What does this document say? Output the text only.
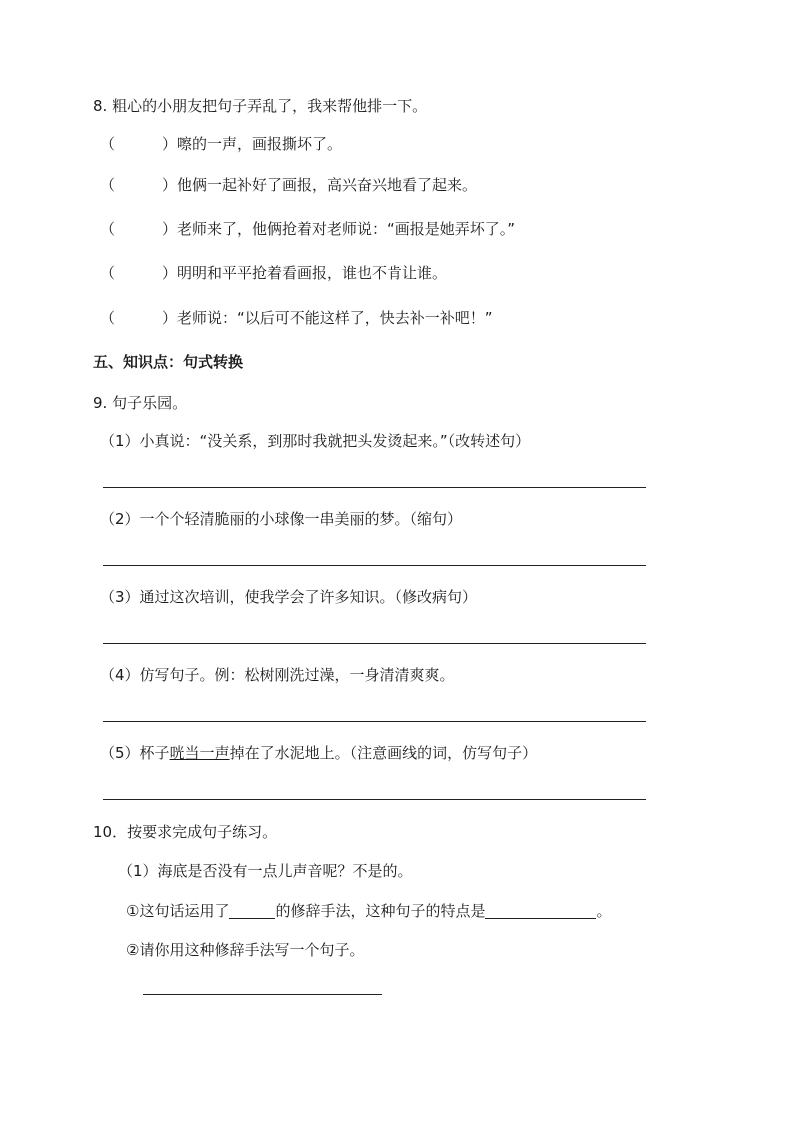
8. 粗心的小朋友把句子弄乱了，我来帮他排一下。
（	）嚓的一声，画报撕坏了。
（	）他俩一起补好了画报，高兴奋兴地看了起来。
（	）老师来了，他俩抢着对老师说：“画报是她弄坏了。”
（	）明明和平平抢着看画报，谁也不肯让谁。
（	）老师说：“以后可不能这样了，快去补一补吧！”
五、知识点：句式转换
9. 句子乐园。
（1）小真说：“没关系，到那时我就把头发烫起来。”（改转述句）
（2）一个个轻清脆丽的小球像一串美丽的梦。（缩句）
（3）通过这次培训，使我学会了许多知识。（修改病句）
（4）仿写句子。例：松树刚洗过澡，一身清清爽爽。
（5）杯子咣当一声掉在了水泥地上。（注意画线的词，仿写句子）
10．按要求完成句子练习。
（1）海底是否没有一点儿声音呢？不是的。
①这句话运用了	的修辞手法，这种句子的特点是	。
②请你用这种修辞手法写一个句子。
